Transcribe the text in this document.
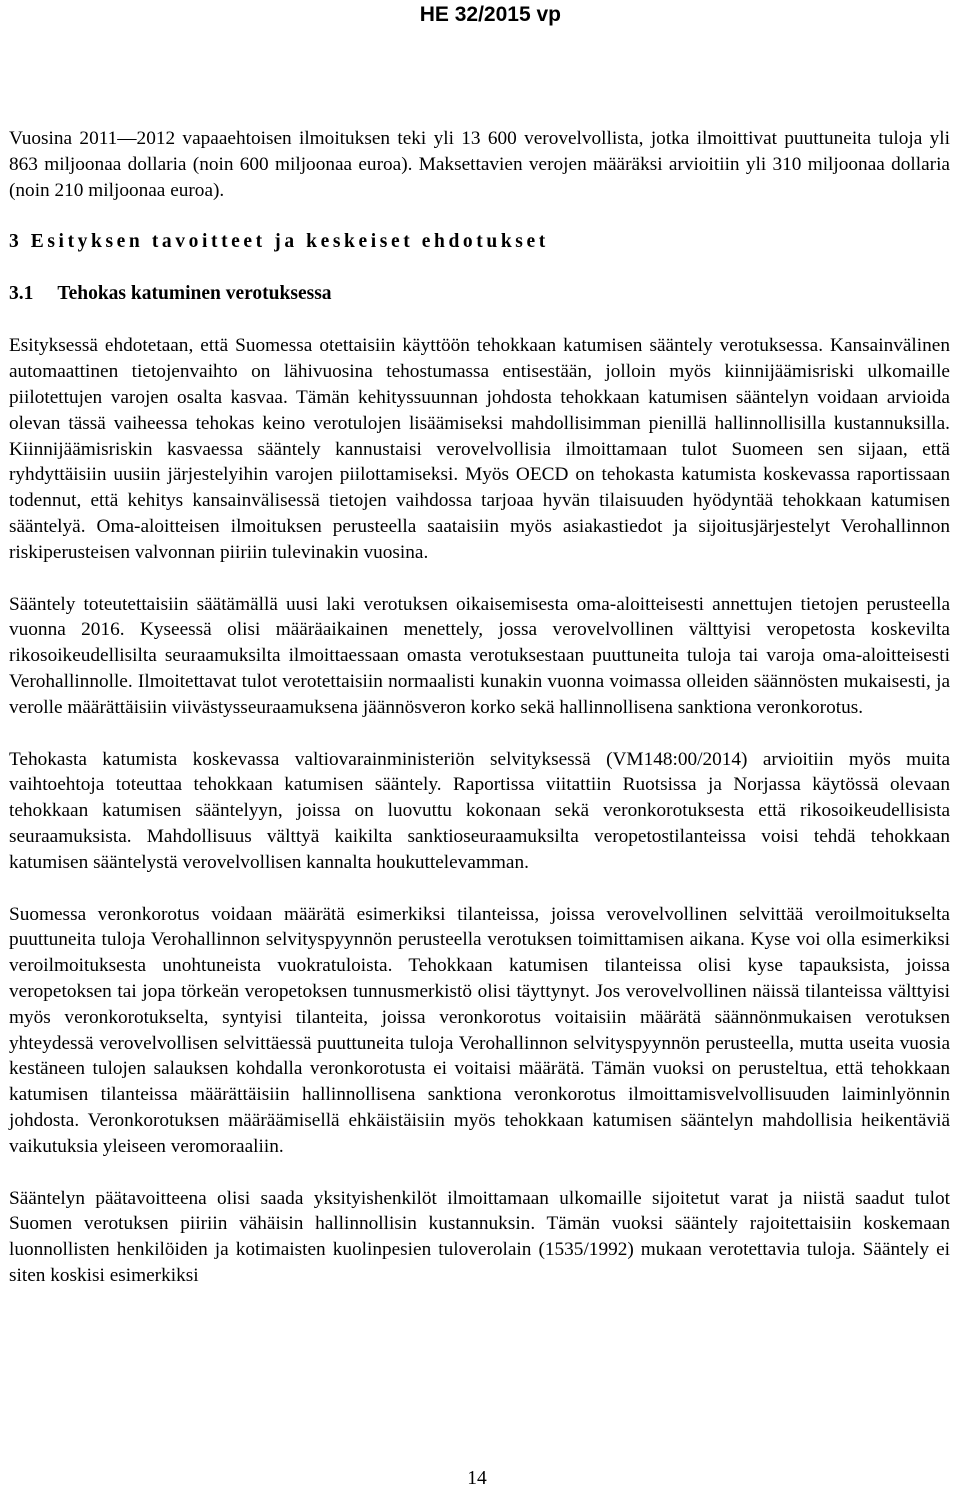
HE 32/2015 vp

Vuosina 2011—2012 vapaaehtoisen ilmoituksen teki yli 13 600 verovelvollista, jotka ilmoittivat puuttuneita tuloja yli 863 miljoonaa dollaria (noin 600 miljoonaa euroa). Maksettavien verojen määräksi arvioitiin yli 310 miljoonaa dollaria (noin 210 miljoonaa euroa).

3 Esityksen tavoitteet ja keskeiset ehdotukset
3.1 Tehokas katuminen verotuksessa

Esityksessä ehdotetaan, että Suomessa otettaisiin käyttöön tehokkaan katumisen sääntely verotuksessa. Kansainvälinen automaattinen tietojenvaihto on lähivuosina tehostumassa entisestään, jolloin myös kiinnijäämisriski ulkomaille piilotettujen varojen osalta kasvaa. Tämän kehityssuunnan johdosta tehokkaan katumisen sääntelyn voidaan arvioida olevan tässä vaiheessa tehokas keino verotulojen lisäämiseksi mahdollisimman pienillä hallinnollisilla kustannuksilla. Kiinnijäämisriskin kasvaessa sääntely kannustaisi verovelvollisia ilmoittamaan tulot Suomeen sen sijaan, että ryhdyttäisiin uusiin järjestelyihin varojen piilottamiseksi. Myös OECD on tehokasta katumista koskevassa raportissaan todennut, että kehitys kansainvälisessä tietojen vaihdossa tarjoaa hyvän tilaisuuden hyödyntää tehokkaan katumisen sääntelyä. Oma-aloitteisen ilmoituksen perusteella saataisiin myös asiakastiedot ja sijoitusjärjestelyt Verohallinnon riskiperusteisen valvonnan piiriin tulevinakin vuosina.

Sääntely toteutettaisiin säätämällä uusi laki verotuksen oikaisemisesta oma-aloitteisesti annettujen tietojen perusteella vuonna 2016. Kyseessä olisi määräaikainen menettely, jossa verovelvollinen välttyisi veropetosta koskevilta rikosoikeudellisilta seuraamuksilta ilmoittaessaan omasta verotuksestaan puuttuneita tuloja tai varoja oma-aloitteisesti Verohallinnolle. Ilmoitettavat tulot verotettaisiin normaalisti kunakin vuonna voimassa olleiden säännösten mukaisesti, ja verolle määrättäisiin viivästysseuraamuksena jäännösveron korko sekä hallinnollisena sanktiona veronkorotus.

Tehokasta katumista koskevassa valtiovarainministeriön selvityksessä (VM148:00/2014) arvioitiin myös muita vaihtoehtoja toteuttaa tehokkaan katumisen sääntely. Raportissa viitattiin Ruotsissa ja Norjassa käytössä olevaan tehokkaan katumisen sääntelyyn, joissa on luovuttu kokonaan sekä veronkorotuksesta että rikosoikeudellisista seuraamuksista. Mahdollisuus välttyä kaikilta sanktioseuraamuksilta veropetostilanteissa voisi tehdä tehokkaan katumisen sääntelystä verovelvollisen kannalta houkuttelevamman.

Suomessa veronkorotus voidaan määrätä esimerkiksi tilanteissa, joissa verovelvollinen selvittää veroilmoitukselta puuttuneita tuloja Verohallinnon selvityspyynnön perusteella verotuksen toimittamisen aikana. Kyse voi olla esimerkiksi veroilmoituksesta unohtuneista vuokratuloista. Tehokkaan katumisen tilanteissa olisi kyse tapauksista, joissa veropetoksen tai jopa törkeän veropetoksen tunnusmerkistö olisi täyttynyt. Jos verovelvollinen näissä tilanteissa välttyisi myös veronkorotukselta, syntyisi tilanteita, joissa veronkorotus voitaisiin määrätä säännönmukaisen verotuksen yhteydessä verovelvollisen selvittäessä puuttuneita tuloja Verohallinnon selvityspyynnön perusteella, mutta useita vuosia kestäneen tulojen salauksen kohdalla veronkorotusta ei voitaisi määrätä. Tämän vuoksi on perusteltua, että tehokkaan katumisen tilanteissa määrättäisiin hallinnollisena sanktiona veronkorotus ilmoittamisvelvollisuuden laiminlyönnin johdosta. Veronkorotuksen määräämisellä ehkäistäisiin myös tehokkaan katumisen sääntelyn mahdollisia heikentäviä vaikutuksia yleiseen veromoraaliin.

Sääntelyn päätavoitteena olisi saada yksityishenkilöt ilmoittamaan ulkomaille sijoitetut varat ja niistä saadut tulot Suomen verotuksen piiriin vähäisin hallinnollisin kustannuksin. Tämän vuoksi sääntely rajoitettaisiin koskemaan luonnollisten henkilöiden ja kotimaisten kuolinpesien tuloverolain (1535/1992) mukaan verotettavia tuloja. Sääntely ei siten koskisi esimerkiksi

14
